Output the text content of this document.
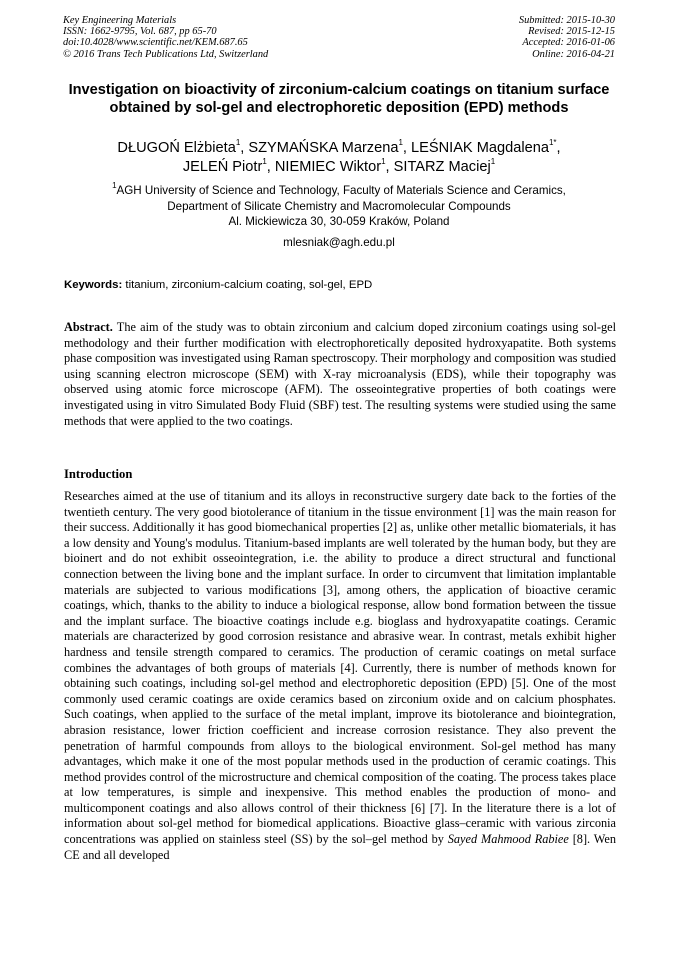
Key Engineering Materials
ISSN: 1662-9795, Vol. 687, pp 65-70
doi:10.4028/www.scientific.net/KEM.687.65
© 2016 Trans Tech Publications Ltd, Switzerland
Submitted: 2015-10-30
Revised: 2015-12-15
Accepted: 2016-01-06
Online: 2016-04-21
Investigation on bioactivity of zirconium-calcium coatings on titanium surface obtained by sol-gel and electrophoretic deposition (EPD) methods
DŁUGOŃ Elżbieta$^1$, SZYMAŃSKA Marzena$^1$, LEŚNIAK Magdalena$^{1*}$,
JELEŃ Piotr$^1$, NIEMIEC Wiktor$^1$, SITARZ Maciej$^1$
$^1$AGH University of Science and Technology, Faculty of Materials Science and Ceramics,
Department of Silicate Chemistry and Macromolecular Compounds
Al. Mickiewicza 30, 30-059 Kraków, Poland
mlesniak@agh.edu.pl
Keywords: titanium, zirconium-calcium coating, sol-gel, EPD
Abstract. The aim of the study was to obtain zirconium and calcium doped zirconium coatings using sol-gel methodology and their further modification with electrophoretically deposited hydroxyapatite. Both systems phase composition was investigated using Raman spectroscopy. Their morphology and composition was studied using scanning electron microscope (SEM) with X-ray microanalysis (EDS), while their topography was observed using atomic force microscope (AFM). The osseointegrative properties of both coatings were investigated using in vitro Simulated Body Fluid (SBF) test. The resulting systems were studied using the same methods that were applied to the two coatings.
Introduction
Researches aimed at the use of titanium and its alloys in reconstructive surgery date back to the forties of the twentieth century. The very good biotolerance of titanium in the tissue environment [1] was the main reason for their success. Additionally it has good biomechanical properties [2] as, unlike other metallic biomaterials, it has a low density and Young's modulus. Titanium-based implants are well tolerated by the human body, but they are bioinert and do not exhibit osseointegration, i.e. the ability to produce a direct structural and functional connection between the living bone and the implant surface. In order to circumvent that limitation implantable materials are subjected to various modifications [3], among others, the application of bioactive ceramic coatings, which, thanks to the ability to induce a biological response, allow bond formation between the tissue and the implant surface. The bioactive coatings include e.g. bioglass and hydroxyapatite coatings. Ceramic materials are characterized by good corrosion resistance and abrasive wear. In contrast, metals exhibit higher hardness and tensile strength compared to ceramics. The production of ceramic coatings on metal surface combines the advantages of both groups of materials [4]. Currently, there is number of methods known for obtaining such coatings, including sol-gel method and electrophoretic deposition (EPD) [5]. One of the most commonly used ceramic coatings are oxide ceramics based on zirconium oxide and on calcium phosphates. Such coatings, when applied to the surface of the metal implant, improve its biotolerance and biointegration, abrasion resistance, lower friction coefficient and increase corrosion resistance. They also prevent the penetration of harmful compounds from alloys to the biological environment. Sol-gel method has many advantages, which make it one of the most popular methods used in the production of ceramic coatings. This method provides control of the microstructure and chemical composition of the coating. The process takes place at low temperatures, is simple and inexpensive. This method enables the production of mono- and multicomponent coatings and also allows control of their thickness [6] [7]. In the literature there is a lot of information about sol-gel method for biomedical applications. Bioactive glass–ceramic with various zirconia concentrations was applied on stainless steel (SS) by the sol–gel method by Sayed Mahmood Rabiee [8]. Wen CE and all developed
